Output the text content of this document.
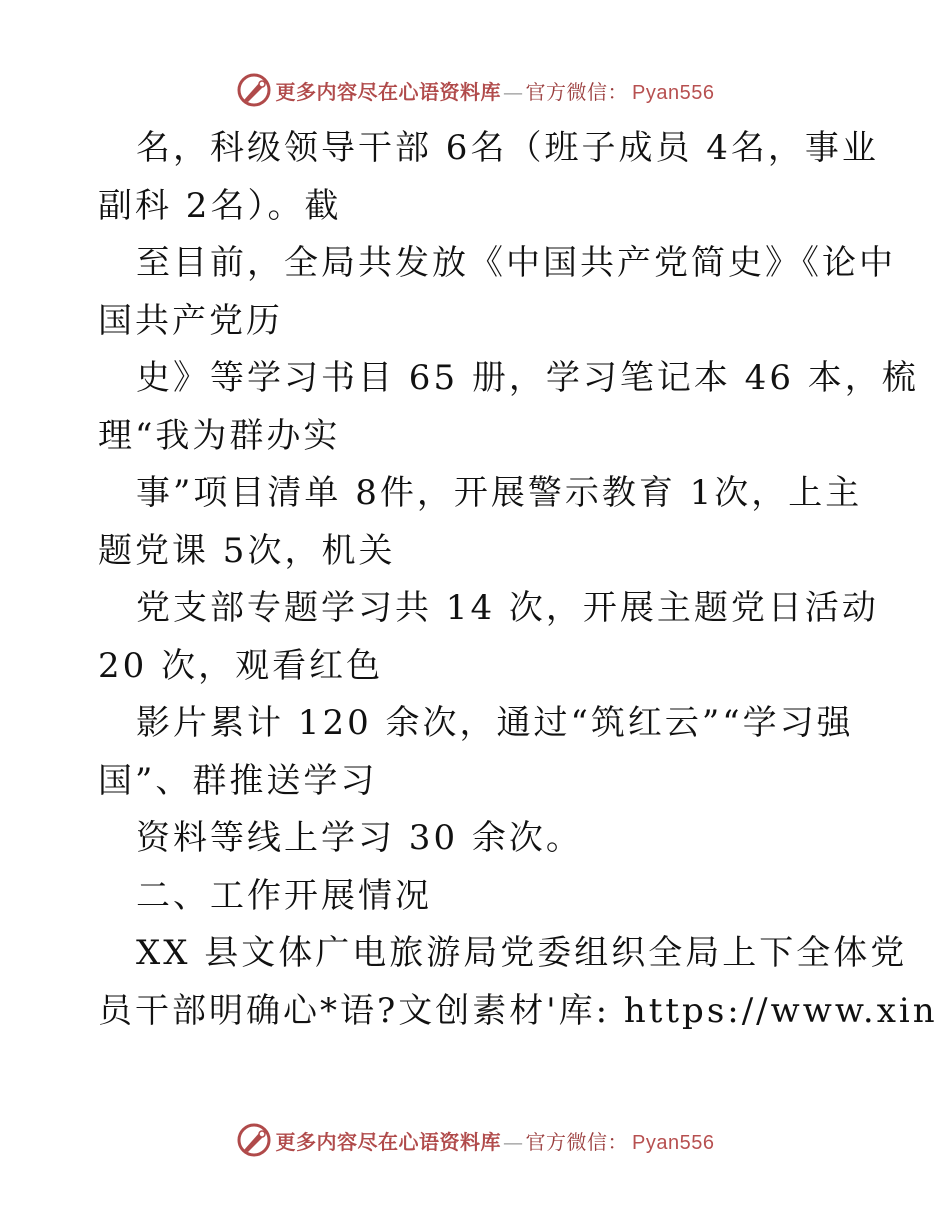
更多内容尽在心语资料库 — 官方微信： Pyan556
名，科级领导干部 6名（班子成员 4名，事业
副科 2名）。截
至目前，全局共发放《中国共产党简史》《论中
国共产党历
史》等学习书目 65 册，学习笔记本 46 本，梳
理“我为群办实
事”项目清单 8件，开展警示教育 1次，上主
题党课 5次，机关
党支部专题学习共 14 次，开展主题党日活动
20 次，观看红色
影片累计 120 余次，通过“筑红云”“学习强
国”、群推送学习
资料等线上学习 30 余次。
二、工作开展情况
XX 县文体广电旅游局党委组织全局上下全体党
员干部明确心*语?文创素材'库: https://www.xin
更多内容尽在心语资料库 — 官方微信： Pyan556
